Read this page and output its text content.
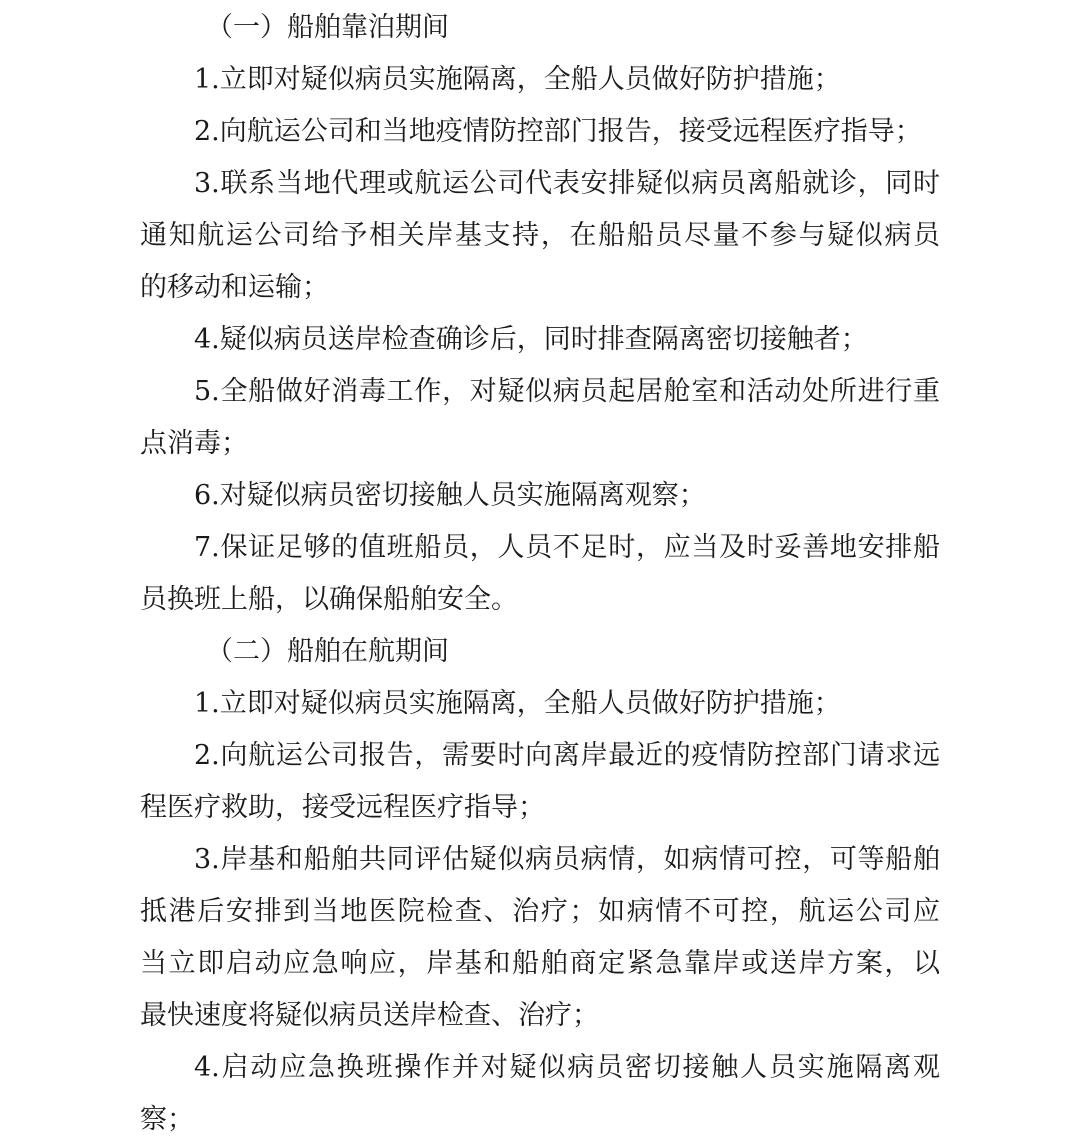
（一）船舶靠泊期间
1.立即对疑似病员实施隔离，全船人员做好防护措施；
2.向航运公司和当地疫情防控部门报告，接受远程医疗指导；
3.联系当地代理或航运公司代表安排疑似病员离船就诊，同时
通知航运公司给予相关岸基支持，在船船员尽量不参与疑似病员
的移动和运输；
4.疑似病员送岸检查确诊后，同时排查隔离密切接触者；
5.全船做好消毒工作，对疑似病员起居舱室和活动处所进行重
点消毒；
6.对疑似病员密切接触人员实施隔离观察；
7.保证足够的值班船员，人员不足时，应当及时妥善地安排船
员换班上船，以确保船舶安全。
（二）船舶在航期间
1.立即对疑似病员实施隔离，全船人员做好防护措施；
2.向航运公司报告，需要时向离岸最近的疫情防控部门请求远
程医疗救助，接受远程医疗指导；
3.岸基和船舶共同评估疑似病员病情，如病情可控，可等船舶
抵港后安排到当地医院检查、治疗；如病情不可控，航运公司应
当立即启动应急响应，岸基和船舶商定紧急靠岸或送岸方案，以
最快速度将疑似病员送岸检查、治疗；
4.启动应急换班操作并对疑似病员密切接触人员实施隔离观
察；
